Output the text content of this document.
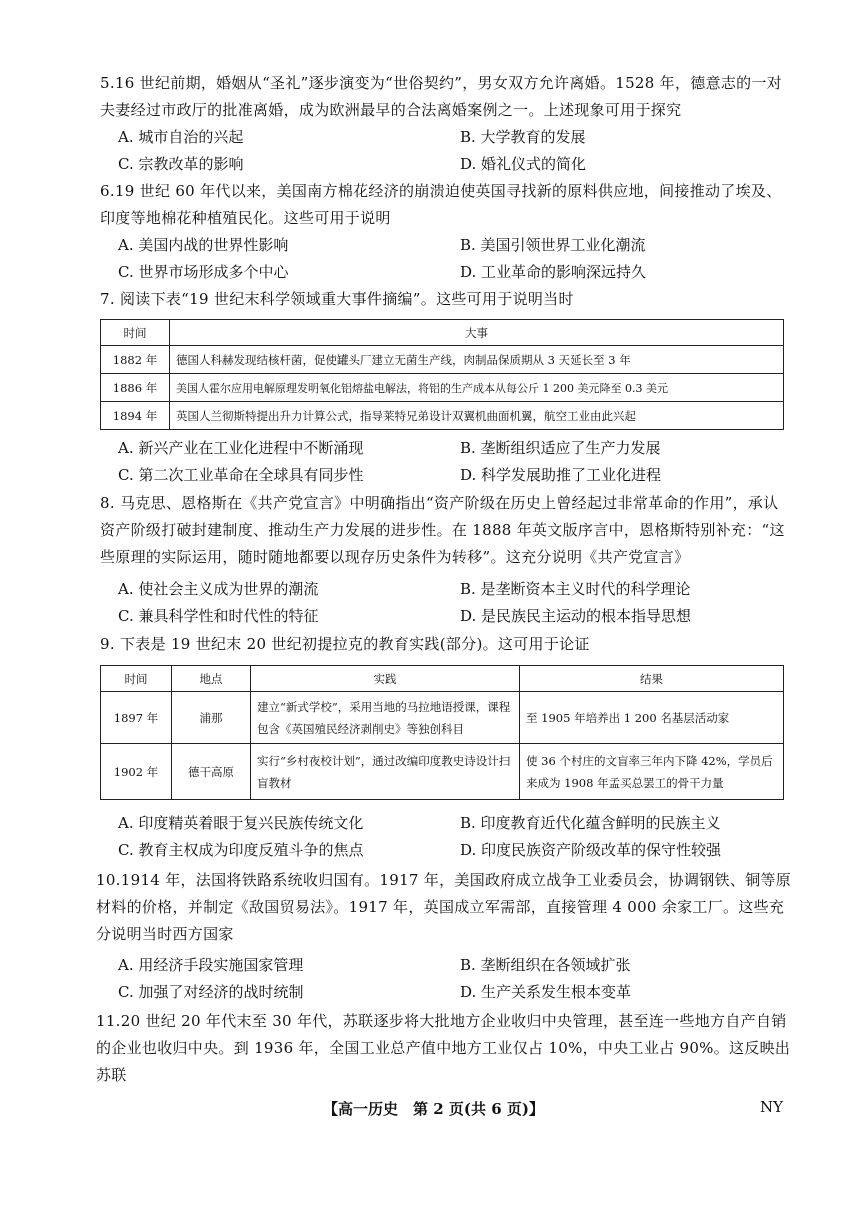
5.16 世纪前期，婚姻从“圣礼”逐步演变为“世俗契约”，男女双方允许离婚。1528 年，德意志的一对夫妻经过市政厅的批准离婚，成为欧洲最早的合法离婚案例之一。上述现象可用于探究
A. 城市自治的兴起	B. 大学教育的发展
C. 宗教改革的影响	D. 婚礼仪式的简化
6.19 世纪 60 年代以来，美国南方棉花经济的崩溃迫使英国寻找新的原料供应地，间接推动了埃及、印度等地棉花种植殖民化。这些可用于说明
A. 美国内战的世界性影响	B. 美国引领世界工业化潮流
C. 世界市场形成多个中心	D. 工业革命的影响深远持久
7. 阅读下表“19 世纪末科学领域重大事件摘编”。这些可用于说明当时
时间	大事
1882 年	德国人科赫发现结核杆菌，促使罐头厂建立无菌生产线，肉制品保质期从 3 天延长至 3 年
1886 年	美国人霍尔应用电解原理发明氧化铝熔盐电解法，将铝的生产成本从每公斤 1 200 美元降至 0.3 美元
1894 年	英国人兰彻斯特提出升力计算公式，指导莱特兄弟设计双翼机曲面机翼，航空工业由此兴起
A. 新兴产业在工业化进程中不断涌现	B. 垄断组织适应了生产力发展
C. 第二次工业革命在全球具有同步性	D. 科学发展助推了工业化进程
8. 马克思、恩格斯在《共产党宣言》中明确指出“资产阶级在历史上曾经起过非常革命的作用”，承认资产阶级打破封建制度、推动生产力发展的进步性。在 1888 年英文版序言中，恩格斯特别补充：“这些原理的实际运用，随时随地都要以现存历史条件为转移”。这充分说明《共产党宣言》
A. 使社会主义成为世界的潮流	B. 是垄断资本主义时代的科学理论
C. 兼具科学性和时代性的特征	D. 是民族民主运动的根本指导思想
9. 下表是 19 世纪末 20 世纪初提拉克的教育实践(部分)。这可用于论证
时间	地点	实践	结果
1897 年	浦那	建立“新式学校”，采用当地的马拉地语授课，课程包含《英国殖民经济剥削史》等独创科目	至 1905 年培养出 1 200 名基层活动家
1902 年	德干高原	实行“乡村夜校计划”，通过改编印度教史诗设计扫盲教材	使 36 个村庄的文盲率三年内下降 42%，学员后来成为 1908 年孟买总罢工的骨干力量
A. 印度精英着眼于复兴民族传统文化	B. 印度教育近代化蕴含鲜明的民族主义
C. 教育主权成为印度反殖斗争的焦点	D. 印度民族资产阶级改革的保守性较强
10.1914 年，法国将铁路系统收归国有。1917 年，美国政府成立战争工业委员会，协调钢铁、铜等原材料的价格，并制定《敌国贸易法》。1917 年，英国成立军需部，直接管理 4 000 余家工厂。这些充分说明当时西方国家
A. 用经济手段实施国家管理	B. 垄断组织在各领域扩张
C. 加强了对经济的战时统制	D. 生产关系发生根本变革
11.20 世纪 20 年代末至 30 年代，苏联逐步将大批地方企业收归中央管理，甚至连一些地方自产自销的企业也收归中央。到 1936 年，全国工业总产值中地方工业仅占 10%，中央工业占 90%。这反映出苏联
【高一历史　第 2 页(共 6 页)】	NY
